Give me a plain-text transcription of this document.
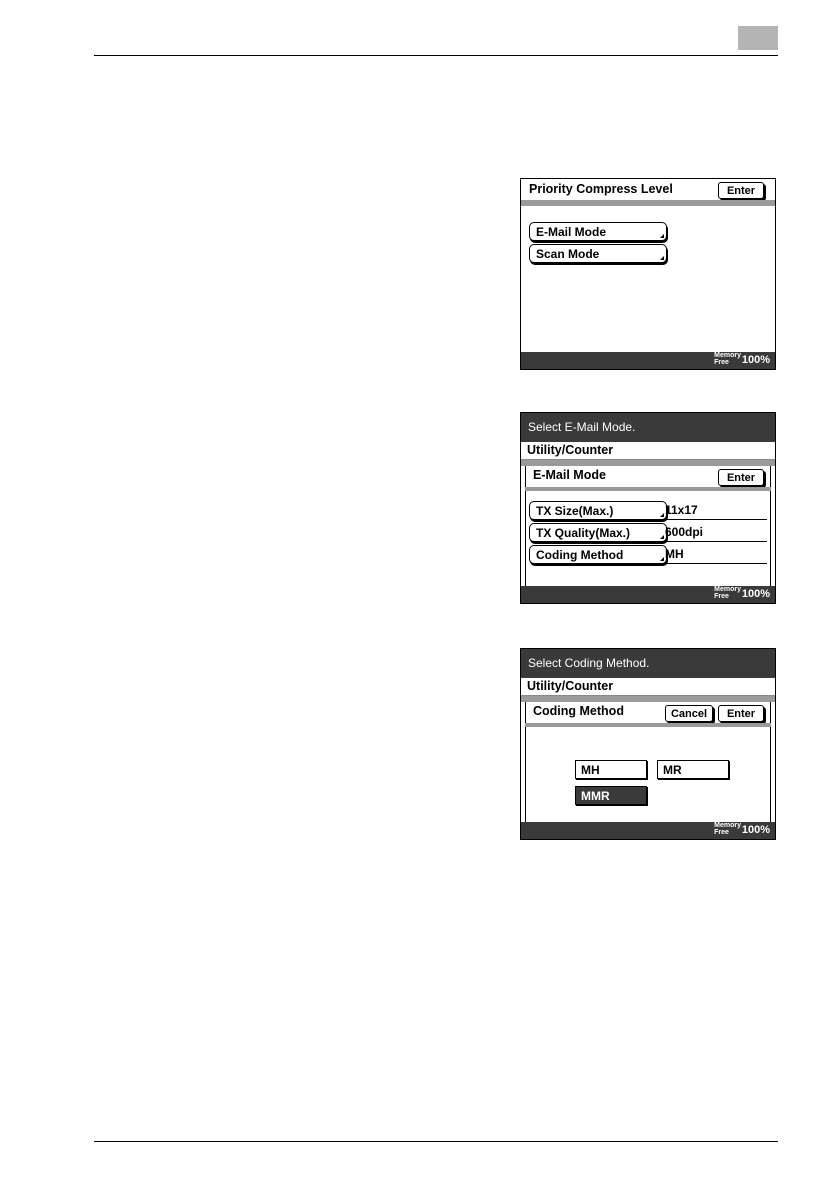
Priority Compress Level	Enter
E-Mail Mode
Scan Mode
Memory
Free	100%
Select E-Mail Mode.
Utility/Counter
E-Mail Mode	Enter
TX Size(Max.)	11x17
TX Quality(Max.)	600dpi
Coding Method	MH
Memory
Free	100%
Select Coding Method.
Utility/Counter
Coding Method	Cancel	Enter
MH	MR
MMR
Memory
Free	100%
